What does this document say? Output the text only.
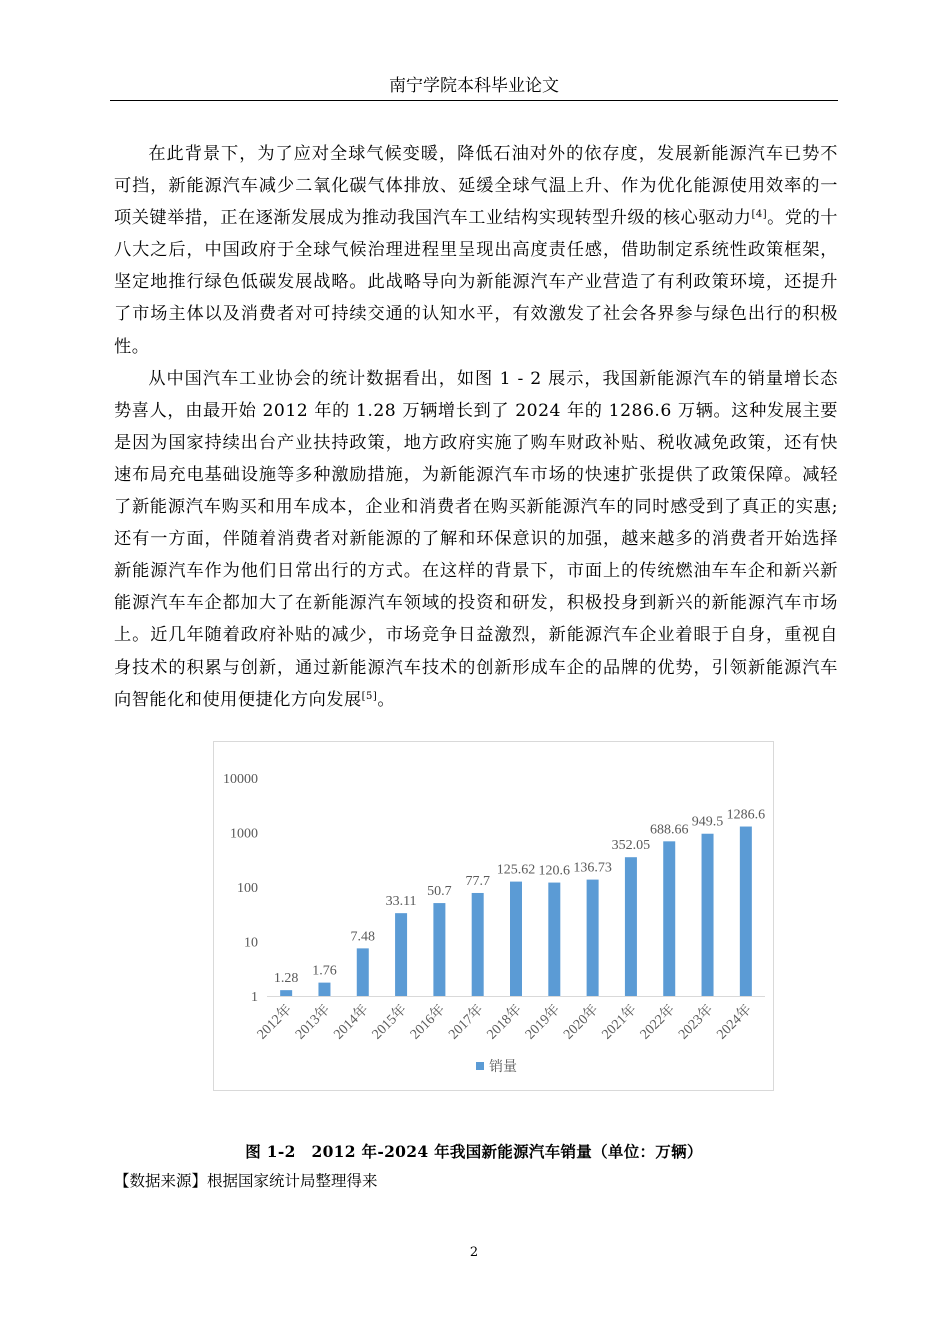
南宁学院本科毕业论文

在此背景下，为了应对全球气候变暖，降低石油对外的依存度，发展新能源汽车已势不可挡，新能源汽车减少二氧化碳气体排放、延缓全球气温上升、作为优化能源使用效率的一项关键举措，正在逐渐发展成为推动我国汽车工业结构实现转型升级的核心驱动力[4]。党的十八大之后，中国政府于全球气候治理进程里呈现出高度责任感，借助制定系统性政策框架，坚定地推行绿色低碳发展战略。此战略导向为新能源汽车产业营造了有利政策环境，还提升了市场主体以及消费者对可持续交通的认知水平，有效激发了社会各界参与绿色出行的积极性。

从中国汽车工业协会的统计数据看出，如图 1 - 2 展示，我国新能源汽车的销量增长态势喜人，由最开始 2012 年的 1.28 万辆增长到了 2024 年的 1286.6 万辆。这种发展主要是因为国家持续出台产业扶持政策，地方政府实施了购车财政补贴、税收减免政策，还有快速布局充电基础设施等多种激励措施，为新能源汽车市场的快速扩张提供了政策保障。减轻了新能源汽车购买和用车成本，企业和消费者在购买新能源汽车的同时感受到了真正的实惠;还有一方面，伴随着消费者对新能源的了解和环保意识的加强，越来越多的消费者开始选择新能源汽车作为他们日常出行的方式。在这样的背景下，市面上的传统燃油车车企和新兴新能源汽车车企都加大了在新能源汽车领域的投资和研发，积极投身到新兴的新能源汽车市场上。近几年随着政府补贴的减少，市场竞争日益激烈，新能源汽车企业着眼于自身，重视自身技术的积累与创新，通过新能源汽车技术的创新形成车企的品牌的优势，引领新能源汽车向智能化和使用便捷化方向发展[5]。

1
10
100
1000
10000
1.28
2012年
1.76
2013年
7.48
2014年
33.11
2015年
50.7
2016年
77.7
2017年
125.62
2018年
120.6
2019年
136.73
2020年
352.05
2021年
688.66
2022年
949.5
2023年
1286.6
2024年
销量
图 1-2　2012 年-2024 年我国新能源汽车销量（单位：万辆）
【数据来源】根据国家统计局整理得来
2
